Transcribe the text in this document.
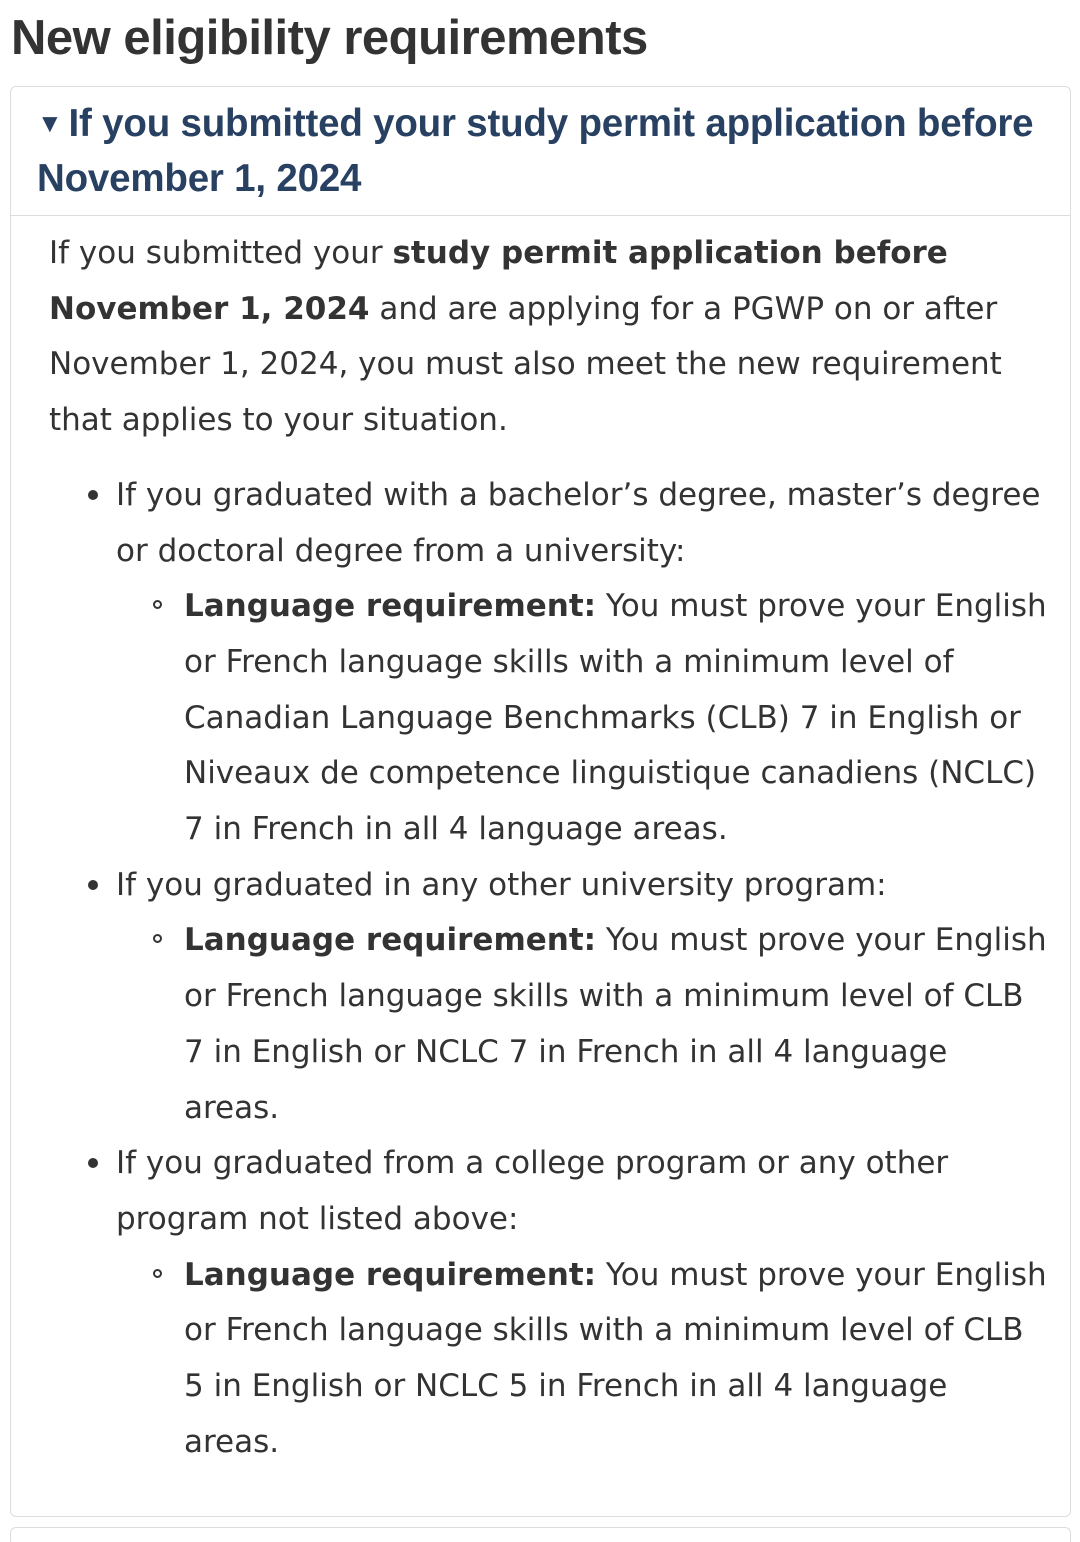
New eligibility requirements
▼ If you submitted your study permit application before November 1, 2024

If you submitted your study permit application before November 1, 2024 and are applying for a PGWP on or after November 1, 2024, you must also meet the new requirement that applies to your situation.

If you graduated with a bachelor’s degree, master’s degree or doctoral degree from a university:
Language requirement: You must prove your English or French language skills with a minimum level of Canadian Language Benchmarks (CLB) 7 in English or Niveaux de competence linguistique canadiens (NCLC) 7 in French in all 4 language areas.
If you graduated in any other university program:
Language requirement: You must prove your English or French language skills with a minimum level of CLB 7 in English or NCLC 7 in French in all 4 language areas.
If you graduated from a college program or any other program not listed above:
Language requirement: You must prove your English or French language skills with a minimum level of CLB 5 in English or NCLC 5 in French in all 4 language areas.
